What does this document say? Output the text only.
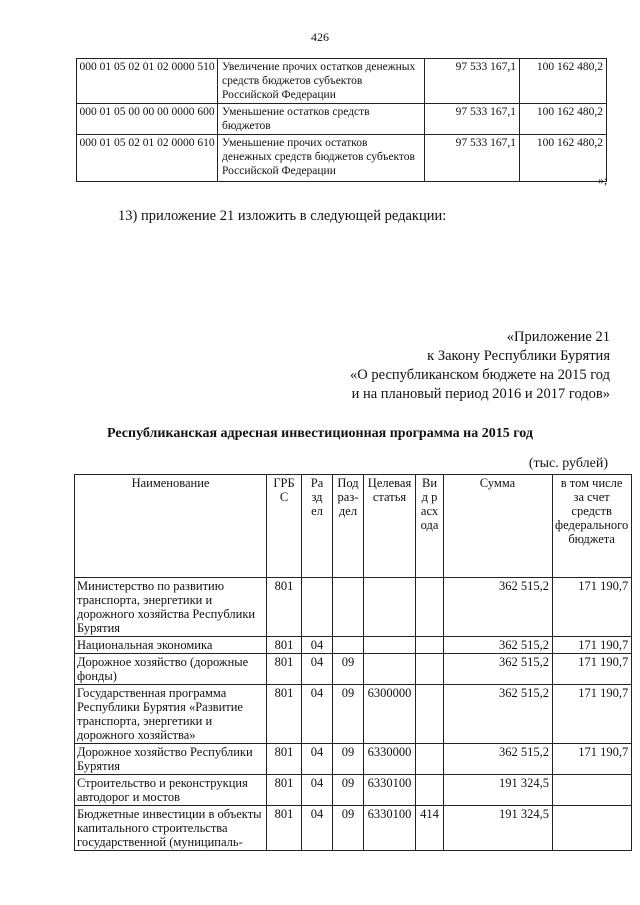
426
000 01 05 02 01 02 0000 510	Увеличение прочих остатков денежных средств бюджетов субъектов Российской Федерации	97 533 167,1	100 162 480,2
000 01 05 00 00 00 0000 600	Уменьшение остатков средств бюджетов	97 533 167,1	100 162 480,2
000 01 05 02 01 02 0000 610	Уменьшение прочих остатков денежных средств бюджетов субъектов Российской Федерации	97 533 167,1	100 162 480,2
»;
13) приложение 21 изложить в следующей редакции:
«Приложение 21
к Закону Республики Бурятия
«О республиканском бюджете на 2015 год
и на плановый период 2016 и 2017 годов»
Республиканская адресная инвестиционная программа на 2015 год
(тыс. рублей)
Наименование	ГРБС	Раздел	Подраз-дел	Целевая статья	Вид расхода	Сумма	в том числе за счет средств федерального бюджета
Министерство по развитию транспорта, энергетики и дорожного хозяйства Республики Бурятия	801					362 515,2	171 190,7
Национальная экономика	801	04				362 515,2	171 190,7
Дорожное хозяйство (дорожные фонды)	801	04	09			362 515,2	171 190,7
Государственная программа Республики Бурятия «Развитие транспорта, энергетики и дорожного хозяйства»	801	04	09	6300000		362 515,2	171 190,7
Дорожное хозяйство Республики Бурятия	801	04	09	6330000		362 515,2	171 190,7
Строительство и реконструкция автодорог и мостов	801	04	09	6330100		191 324,5	
Бюджетные инвестиции в объекты капитального строительства государственной (муниципаль-	801	04	09	6330100	414	191 324,5	
